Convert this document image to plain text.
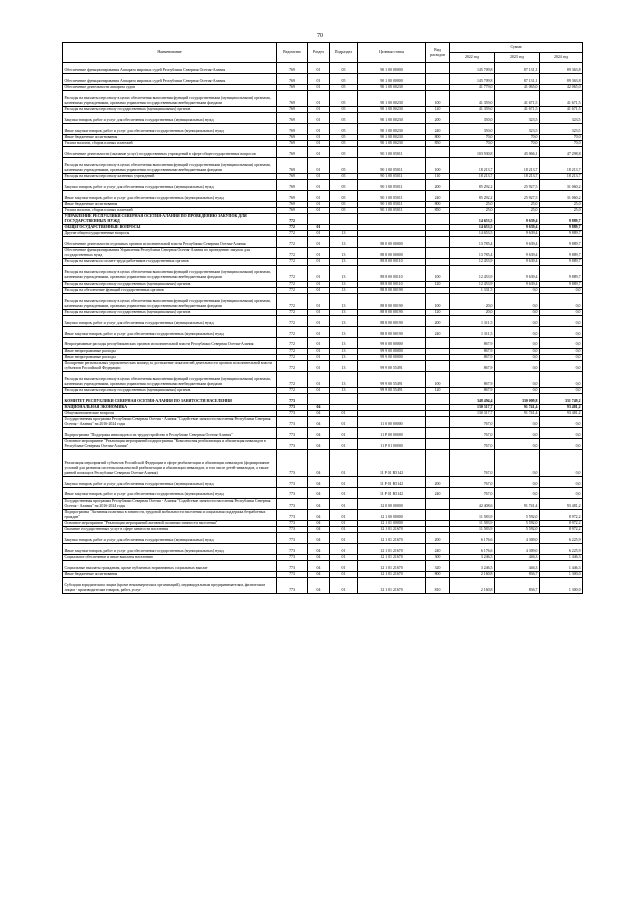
70
Наименование	Ведомство	Раздел	Подраздел	Целевая статья	Вид расходов	Сумма		
						2022 год	2023 год	2024 год
Обеспечение функционирования Аппарата мировых судей Республики Северная Осетия-Алания	769	01	05	90 1 00 00000		145 709,8	87 131,1	89 363,8
Обеспечение функционирования Аппарата мировых судей Республики Северная Осетия-Алания	769	01	05	90 1 00 00000		145 709,8	87 131,1	89 363,8
Обеспечение деятельности аппарата судов	769	01	05	90 1 00 00230		41 779,0	41 065,0	42 065,0
Расходы на выплаты персоналу в целях обеспечения выполнения функций государственными (муниципальными) органами, казенными учреждениями, органами управления государственными внебюджетными фондами	769	01	05	90 1 00 00230	100	41 359,0	41 671,5	41 671,5
Расходы на выплаты персоналу государственных (муниципальных) органов	769	01	05	90 1 00 00230	120	41 359,0	41 671,5	41 671,5
Закупка товаров, работ и услуг для обеспечения государственных (муниципальных) нужд	769	01	05	90 1 00 00230	200	350,0	323,5	323,5
Иные закупки товаров, работ и услуг для обеспечения государственных (муниципальных) нужд	769	01	05	90 1 00 00230	240	350,0	323,5	323,5
Иные бюджетные ассигнования	769	01	05	90 1 00 00230	800	70,0	70,0	70,0
Уплата налогов, сборов и иных платежей	769	01	05	90 1 00 00230	850	70,0	70,0	70,0
Обеспечение деятельности (оказание услуг) государственных учреждений в сфере общегосударственных вопросов	769	01	05	90 1 00 05011		103 930,8	45 066,1	47 298,8
Расходы на выплаты персоналу в целях обеспечения выполнения функций государственными (муниципальными) органами, казенными учреждениями, органами управления государственными внебюджетными фондами	769	01	05	90 1 00 05011	100	18 213,7	18 213,7	18 213,7
Расходы на выплаты персоналу казенных учреждений	769	01	05	90 1 00 05011	110	18 213,7	18 213,7	18 213,7
Закупка товаров, работ и услуг для обеспечения государственных (муниципальных) нужд	769	01	05	90 1 00 05011	200	85 292,2	25 927,5	31 060,2
Иные закупки товаров, работ и услуг для обеспечения государственных (муниципальных) нужд	769	01	05	90 1 00 05011	240	85 292,2	25 927,5	31 060,2
Иные бюджетные ассигнования	769	01	05	90 1 00 05011	800	25,0	25,0	25,0
Уплата налогов, сборов и иных платежей	769	01	05	90 1 00 05011	850	25,0	25,0	25,0
УПРАВЛЕНИЕ РЕСПУБЛИКИ СЕВЕРНАЯ ОСЕТИЯ-АЛАНИЯ ПО ПРОВЕДЕНИЮ ЗАКУПОК ДЛЯ ГОСУДАРСТВЕННЫХ НУЖД	772					14 653,5	9 639,4	9 889,7
ОБЩЕГОСУДАРСТВЕННЫЕ ВОПРОСЫ	772	01				14 653,5	9 639,4	9 889,7
Другие общегосударственные вопросы	772	01	13			14 653,5	9 639,4	9 889,7
Обеспечение деятельности отдельных органов исполнительной власти Республики Северная Осетия-Алания	772	01	13	88 0 00 00000		13 785,4	9 639,4	9 889,7
Обеспечение функционирования Управления Республики Северная Осетия-Алания по проведению закупок для государственных нужд	772	01	13	88 8 00 00000		13 785,4	9 639,4	9 889,7
Расходы на выплаты по оплате труда работников государственных органов	772	01	13	88 8 00 00110		12 453,9	9 639,4	9 889,7
Расходы на выплаты персоналу в целях обеспечения выполнения функций государственными (муниципальными) органами, казенными учреждениями, органами управления государственными внебюджетными фондами	772	01	13	88 8 00 00110	100	12 453,9	9 639,4	9 889,7
Расходы на выплаты персоналу государственных (муниципальных) органов	772	01	13	88 8 00 00110	120	12 453,9	9 639,4	9 889,7
Расходы на обеспечение функций государственных органов	772	01	13	88 8 00 00190		1 331,5	0,0	0,0
Расходы на выплаты персоналу в целях обеспечения выполнения функций государственными (муниципальными) органами, казенными учреждениями, органами управления государственными внебюджетными фондами	772	01	13	88 8 00 00190	100	20,0	0,0	0,0
Расходы на выплаты персоналу государственных (муниципальных) органов	772	01	13	88 8 00 00190	120	20,0	0,0	0,0
Закупка товаров, работ и услуг для обеспечения государственных (муниципальных) нужд	772	01	13	88 8 00 00190	200	1 311,5	0,0	0,0
Иные закупки товаров, работ и услуг для обеспечения государственных (муниципальных) нужд	772	01	13	88 8 00 00190	240	1 311,5	0,0	0,0
Непрограммные расходы республиканских органов исполнительной власти Республики Северная Осетия-Алания	772	01	13	99 0 00 00000		867,9	0,0	0,0
Иные непрограммные расходы	772	01	13	99 9 00 00000		867,9	0,0	0,0
Иные непрограммные расходы	772	01	13	99 9 00 00000		867,9	0,0	0,0
Поощрение региональных управленческих команд за достижение показателей деятельности органов исполнительной власти субъектов Российской Федерации	772	01	13	99 9 00 55491		867,9	0,0	0,0
Расходы на выплаты персоналу в целях обеспечения выполнения функций государственными (муниципальными) органами, казенными учреждениями, органами управления государственными внебюджетными фондами	772	01	13	99 9 00 55491	100	867,9	0,0	0,0
Расходы на выплаты персоналу государственных (муниципальных) органов	772	01	13	99 9 00 55491	120	867,9	0,0	0,0
КОМИТЕТ РЕСПУБЛИКИ СЕВЕРНАЯ ОСЕТИЯ-АЛАНИЯ ПО ЗАНЯТОСТИ НАСЕЛЕНИЯ	773					348 494,4	330 009,8	331 749,2
НАЦИОНАЛЬНАЯ ЭКОНОМИКА	773	04				130 317,7	91 741,4	93 481,2
Общеэкономические вопросы	773	04	01			130 317,7	91 741,4	93 481,2
Государственная программа Республики Северная Осетия - Алания "Содействие занятости населения Республики Северная Осетия - Алания" на 2016-2024 годы	773	04	01	11 0 00 00000		767,0	0,0	0,0
Подпрограмма "Поддержка инвалидов и их трудоустройство в Республике Северная Осетия-Алания"	773	04	01	11 Р 00 00000		767,0	0,0	0,0
Основное мероприятие "Реализация мероприятий подпрограммы "Комплексная реабилитация и абилитация инвалидов в Республике Северная Осетия-Алания"	773	04	01	11 Р 01 00000		767,0	0,0	0,0
Реализация мероприятий субъектов Российской Федерации в сфере реабилитации и абилитации инвалидов (формирование условий для развития системы комплексной реабилитации и абилитации инвалидов, в том числе детей-инвалидов, а также ранней помощи в Республике Северная Осетия-Алания)	773	04	01	11 Р 01 R5142		767,0	0,0	0,0
Закупка товаров, работ и услуг для обеспечения государственных (муниципальных) нужд	773	04	01	11 Р 01 R5142	200	767,0	0,0	0,0
Иные закупки товаров, работ и услуг для обеспечения государственных (муниципальных) нужд	773	04	01	11 Р 01 R5142	240	767,0	0,0	0,0
Государственная программа Республики Северная Осетия - Алания "Содействие занятости населения Республики Северная Осетия - Алания" на 2016-2024 годы	773	04	01	12 0 00 00000		42 408,6	91 741,4	93 481,2
Подпрограмма "Активная политика в занятости, трудовой мобильности населения и социальная поддержка безработных граждан"	773	04	01	12 1 00 00000		11 583,9	5 592,0	8 972,2
Основное мероприятие "Реализация мероприятий активной политики занятости населения"	773	04	01	12 1 01 00000		11 583,9	5 592,0	8 972,2
Оказание государственных услуг в сфере занятости населения	773	04	01	12 1 01 21670		11 583,9	5 592,0	8 972,2
Закупка товаров, работ и услуг для обеспечения государственных (муниципальных) нужд	773	04	01	12 1 01 21670	200	6 176,6	4 309,0	6 225,9
Иные закупки товаров, работ и услуг для обеспечения государственных (муниципальных) нужд	773	04	01	12 1 01 21670	240	6 176,6	4 309,0	6 225,9
Социальное обеспечение и иные выплаты населению	773	04	01	12 1 01 21670	300	3 246,5	446,3	1 446,3
Социальные выплаты гражданам, кроме публичных нормативных социальных выплат	773	04	01	12 1 01 21670	320	3 246,5	446,3	1 446,3
Иные бюджетные ассигнования	773	04	01	12 1 01 21670	800	2 160,8	836,7	1 300,0
Субсидии юридическим лицам (кроме некоммерческих организаций), индивидуальным предпринимателям, физическим лицам - производителям товаров, работ, услуг	773	04	01	12 1 01 21670	810	2 160,8	836,7	1 300,0
